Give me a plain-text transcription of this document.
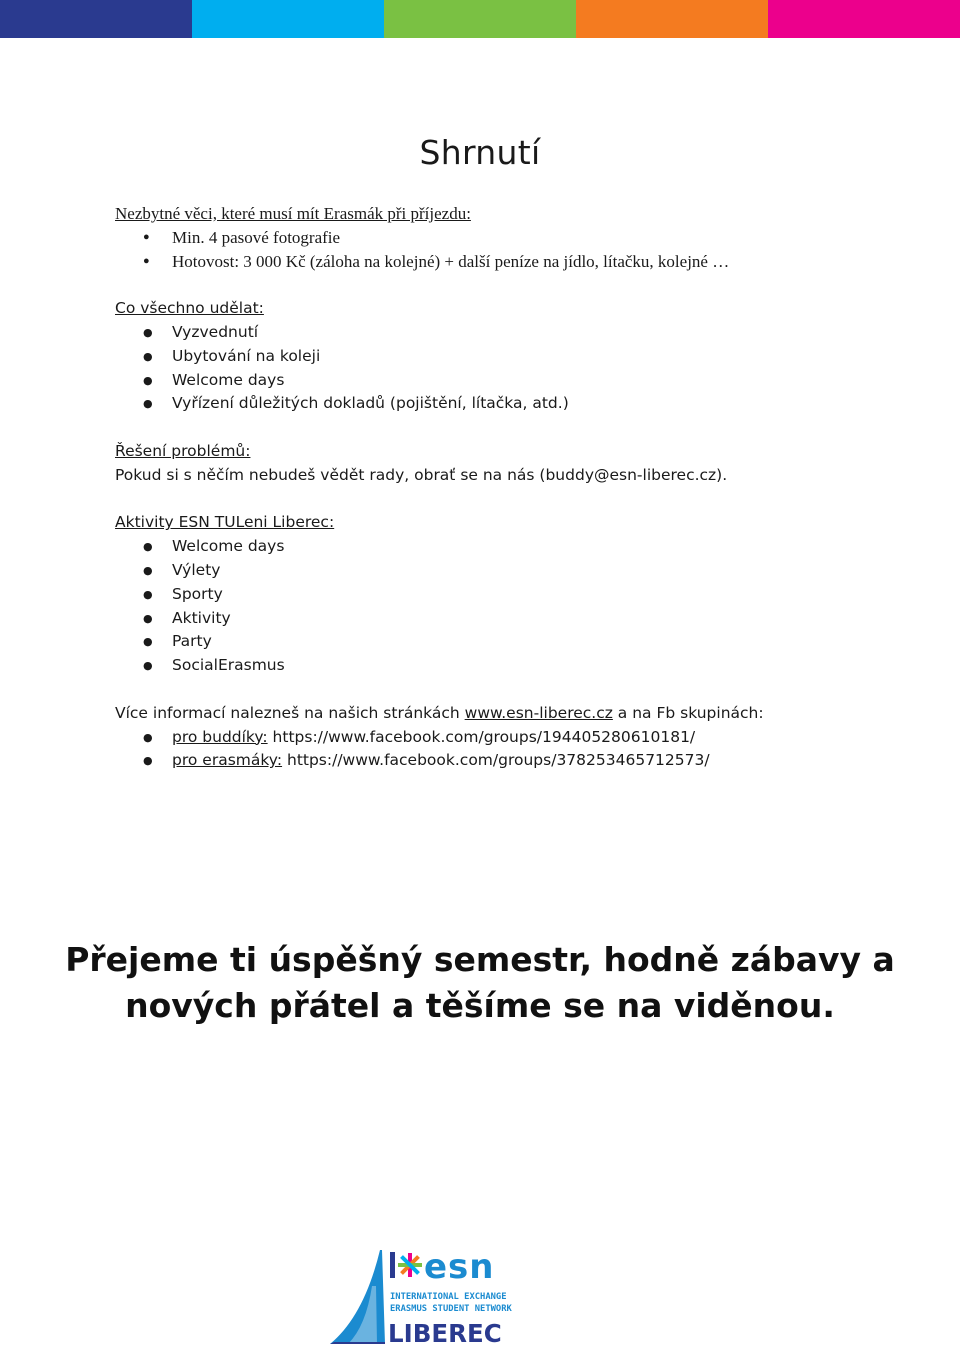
Shrnutí
Nezbytné věci, které musí mít Erasmák při příjezdu:
● Min. 4 pasové fotografie
● Hotovost: 3 000 Kč (záloha na kolejné) + další peníze na jídlo, lítačku, kolejné …
Co všechno udělat:
● Vyzvednutí
● Ubytování na koleji
● Welcome days
● Vyřízení důležitých dokladů (pojištění, lítačka, atd.)
Řešení problémů:
Pokud si s něčím nebudeš vědět rady, obrať se na nás (buddy@esn-liberec.cz).
Aktivity ESN TULeni Liberec:
● Welcome days
● Výlety
● Sporty
● Aktivity
● Party
● SocialErasmus
Více informací nalezneš na našich stránkách www.esn-liberec.cz a na Fb skupinách:
● pro buddíky: https://www.facebook.com/groups/194405280610181/
● pro erasmáky: https://www.facebook.com/groups/378253465712573/
Přejeme ti úspěšný semestr, hodně zábavy a
nových přátel a těšíme se na viděnou.
esn
INTERNATIONAL EXCHANGE
ERASMUS STUDENT NETWORK
LIBEREC
